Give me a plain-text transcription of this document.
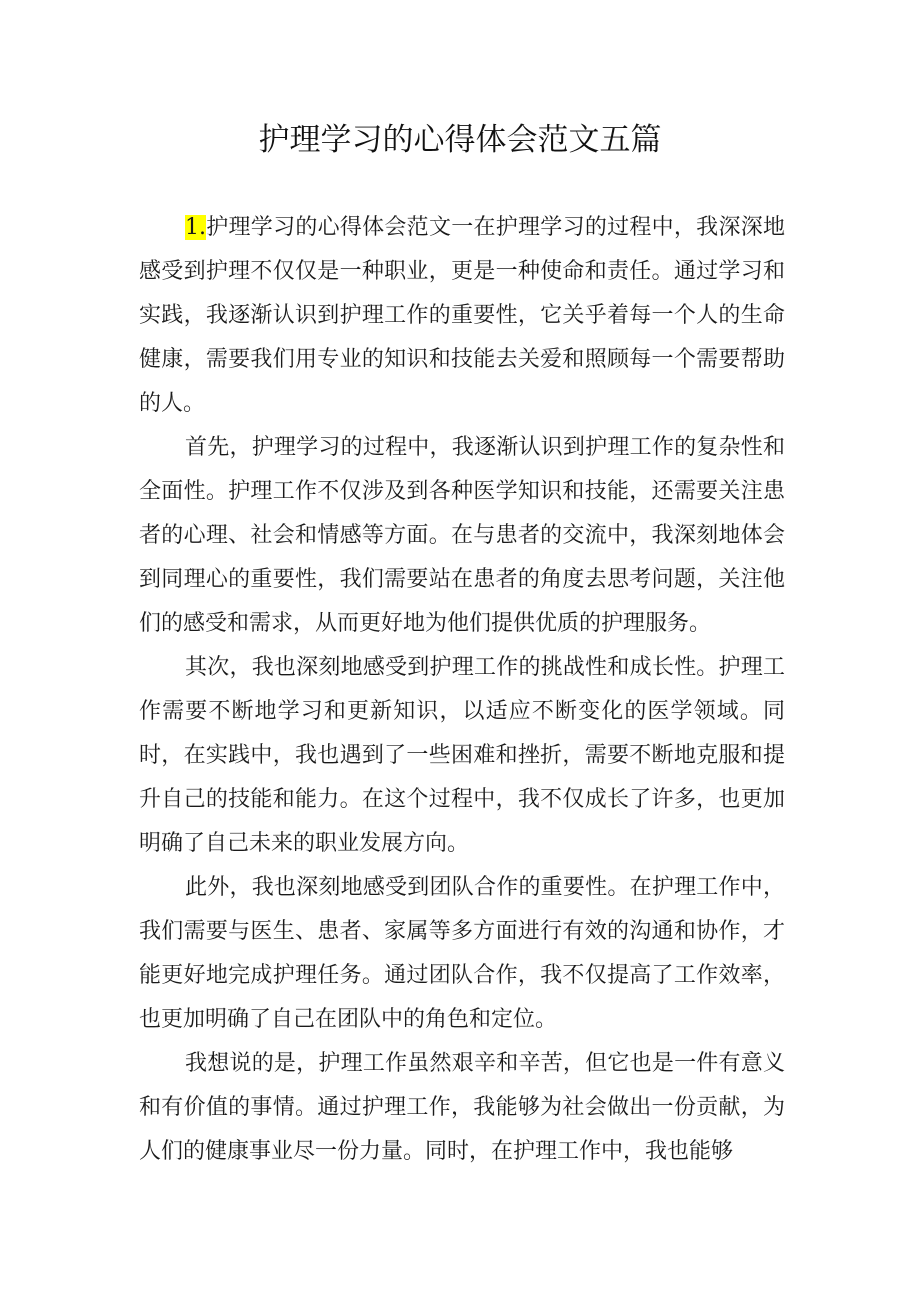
护理学习的心得体会范文五篇

1.护理学习的心得体会范文一在护理学习的过程中，我深深地感受到护理不仅仅是一种职业，更是一种使命和责任。通过学习和实践，我逐渐认识到护理工作的重要性，它关乎着每一个人的生命健康，需要我们用专业的知识和技能去关爱和照顾每一个需要帮助的人。

首先，护理学习的过程中，我逐渐认识到护理工作的复杂性和全面性。护理工作不仅涉及到各种医学知识和技能，还需要关注患者的心理、社会和情感等方面。在与患者的交流中，我深刻地体会到同理心的重要性，我们需要站在患者的角度去思考问题，关注他们的感受和需求，从而更好地为他们提供优质的护理服务。

其次，我也深刻地感受到护理工作的挑战性和成长性。护理工作需要不断地学习和更新知识，以适应不断变化的医学领域。同时，在实践中，我也遇到了一些困难和挫折，需要不断地克服和提升自己的技能和能力。在这个过程中，我不仅成长了许多，也更加明确了自己未来的职业发展方向。

此外，我也深刻地感受到团队合作的重要性。在护理工作中，我们需要与医生、患者、家属等多方面进行有效的沟通和协作，才能更好地完成护理任务。通过团队合作，我不仅提高了工作效率，也更加明确了自己在团队中的角色和定位。

我想说的是，护理工作虽然艰辛和辛苦，但它也是一件有意义和有价值的事情。通过护理工作，我能够为社会做出一份贡献，为人们的健康事业尽一份力量。同时，在护理工作中，我也能够
